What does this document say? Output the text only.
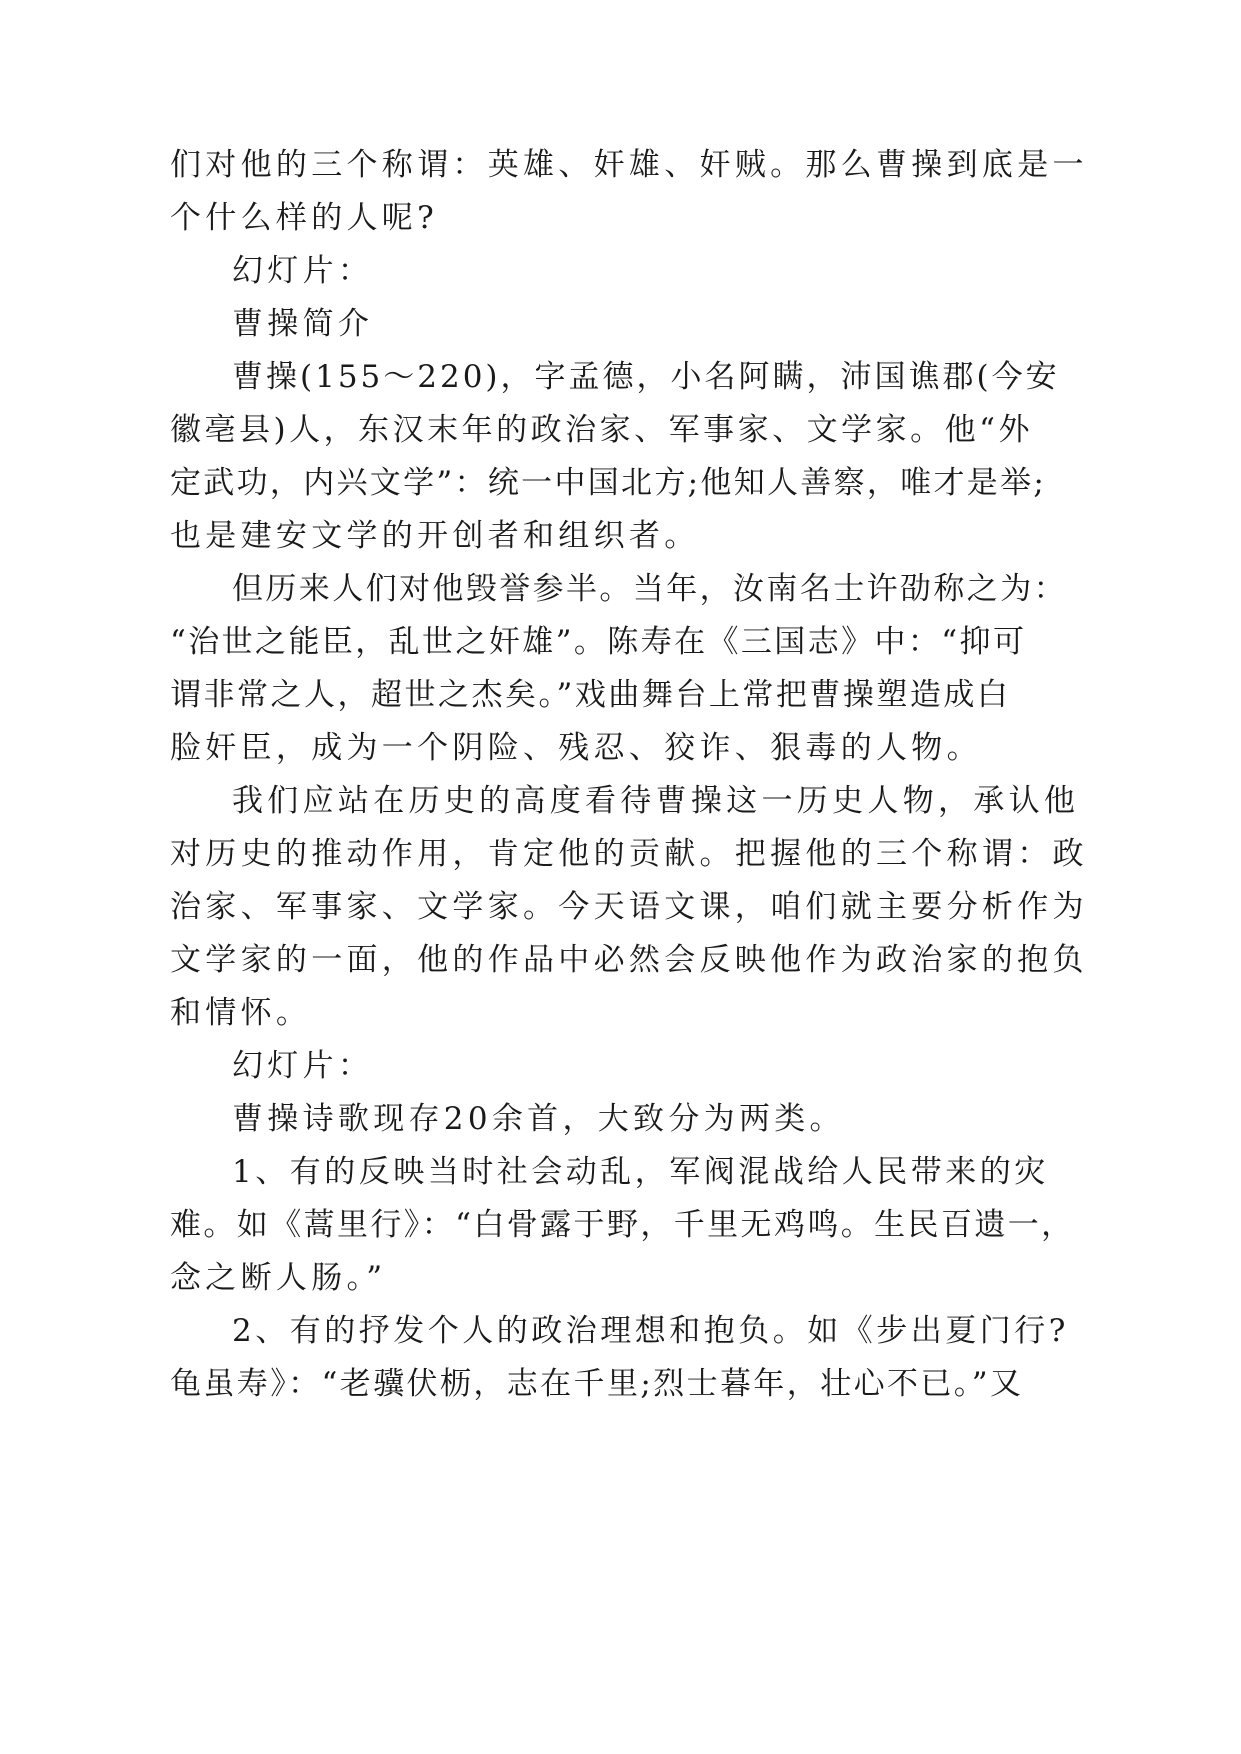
们对他的三个称谓：英雄、奸雄、奸贼。那么曹操到底是一
个什么样的人呢?
幻灯片：
曹操简介
曹操(155～220)，字孟德，小名阿瞒，沛国谯郡(今安
徽亳县)人，东汉末年的政治家、军事家、文学家。他“外
定武功，内兴文学”：统一中国北方;他知人善察，唯才是举;
也是建安文学的开创者和组织者。
但历来人们对他毁誉参半。当年，汝南名士许劭称之为：
“治世之能臣，乱世之奸雄”。陈寿在《三国志》中：“抑可
谓非常之人，超世之杰矣。”戏曲舞台上常把曹操塑造成白
脸奸臣，成为一个阴险、残忍、狡诈、狠毒的人物。
我们应站在历史的高度看待曹操这一历史人物，承认他
对历史的推动作用，肯定他的贡献。把握他的三个称谓：政
治家、军事家、文学家。今天语文课，咱们就主要分析作为
文学家的一面，他的作品中必然会反映他作为政治家的抱负
和情怀。
幻灯片：
曹操诗歌现存20余首，大致分为两类。
1、有的反映当时社会动乱，军阀混战给人民带来的灾
难。如《蒿里行》：“白骨露于野，千里无鸡鸣。生民百遗一，
念之断人肠。”
2、有的抒发个人的政治理想和抱负。如《步出夏门行?
龟虽寿》：“老骥伏枥，志在千里;烈士暮年，壮心不已。”又
